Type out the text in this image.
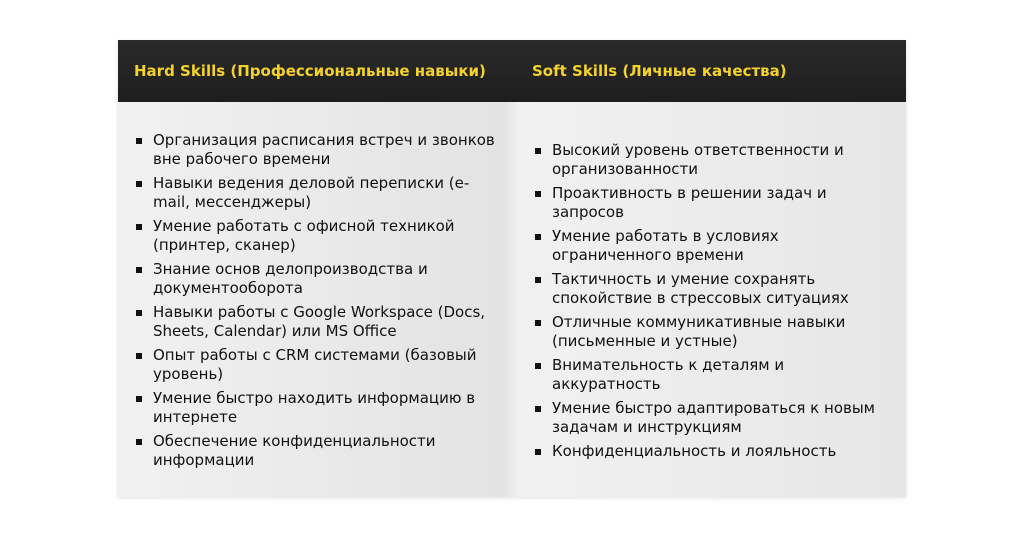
Hard Skills (Профессиональные навыки)	Soft Skills (Личные качества)
Организация расписания встреч и звонков вне рабочего времени
Навыки ведения деловой переписки (e-mail, мессенджеры)
Умение работать с офисной техникой (принтер, сканер)
Знание основ делопроизводства и документооборота
Навыки работы с Google Workspace (Docs, Sheets, Calendar) или MS Office
Опыт работы с CRM системами (базовый уровень)
Умение быстро находить информацию в интернете
Обеспечение конфиденциальности информации
Высокий уровень ответственности и организованности
Проактивность в решении задач и запросов
Умение работать в условиях ограниченного времени
Тактичность и умение сохранять спокойствие в стрессовых ситуациях
Отличные коммуникативные навыки (письменные и устные)
Внимательность к деталям и аккуратность
Умение быстро адаптироваться к новым задачам и инструкциям
Конфиденциальность и лояльность
